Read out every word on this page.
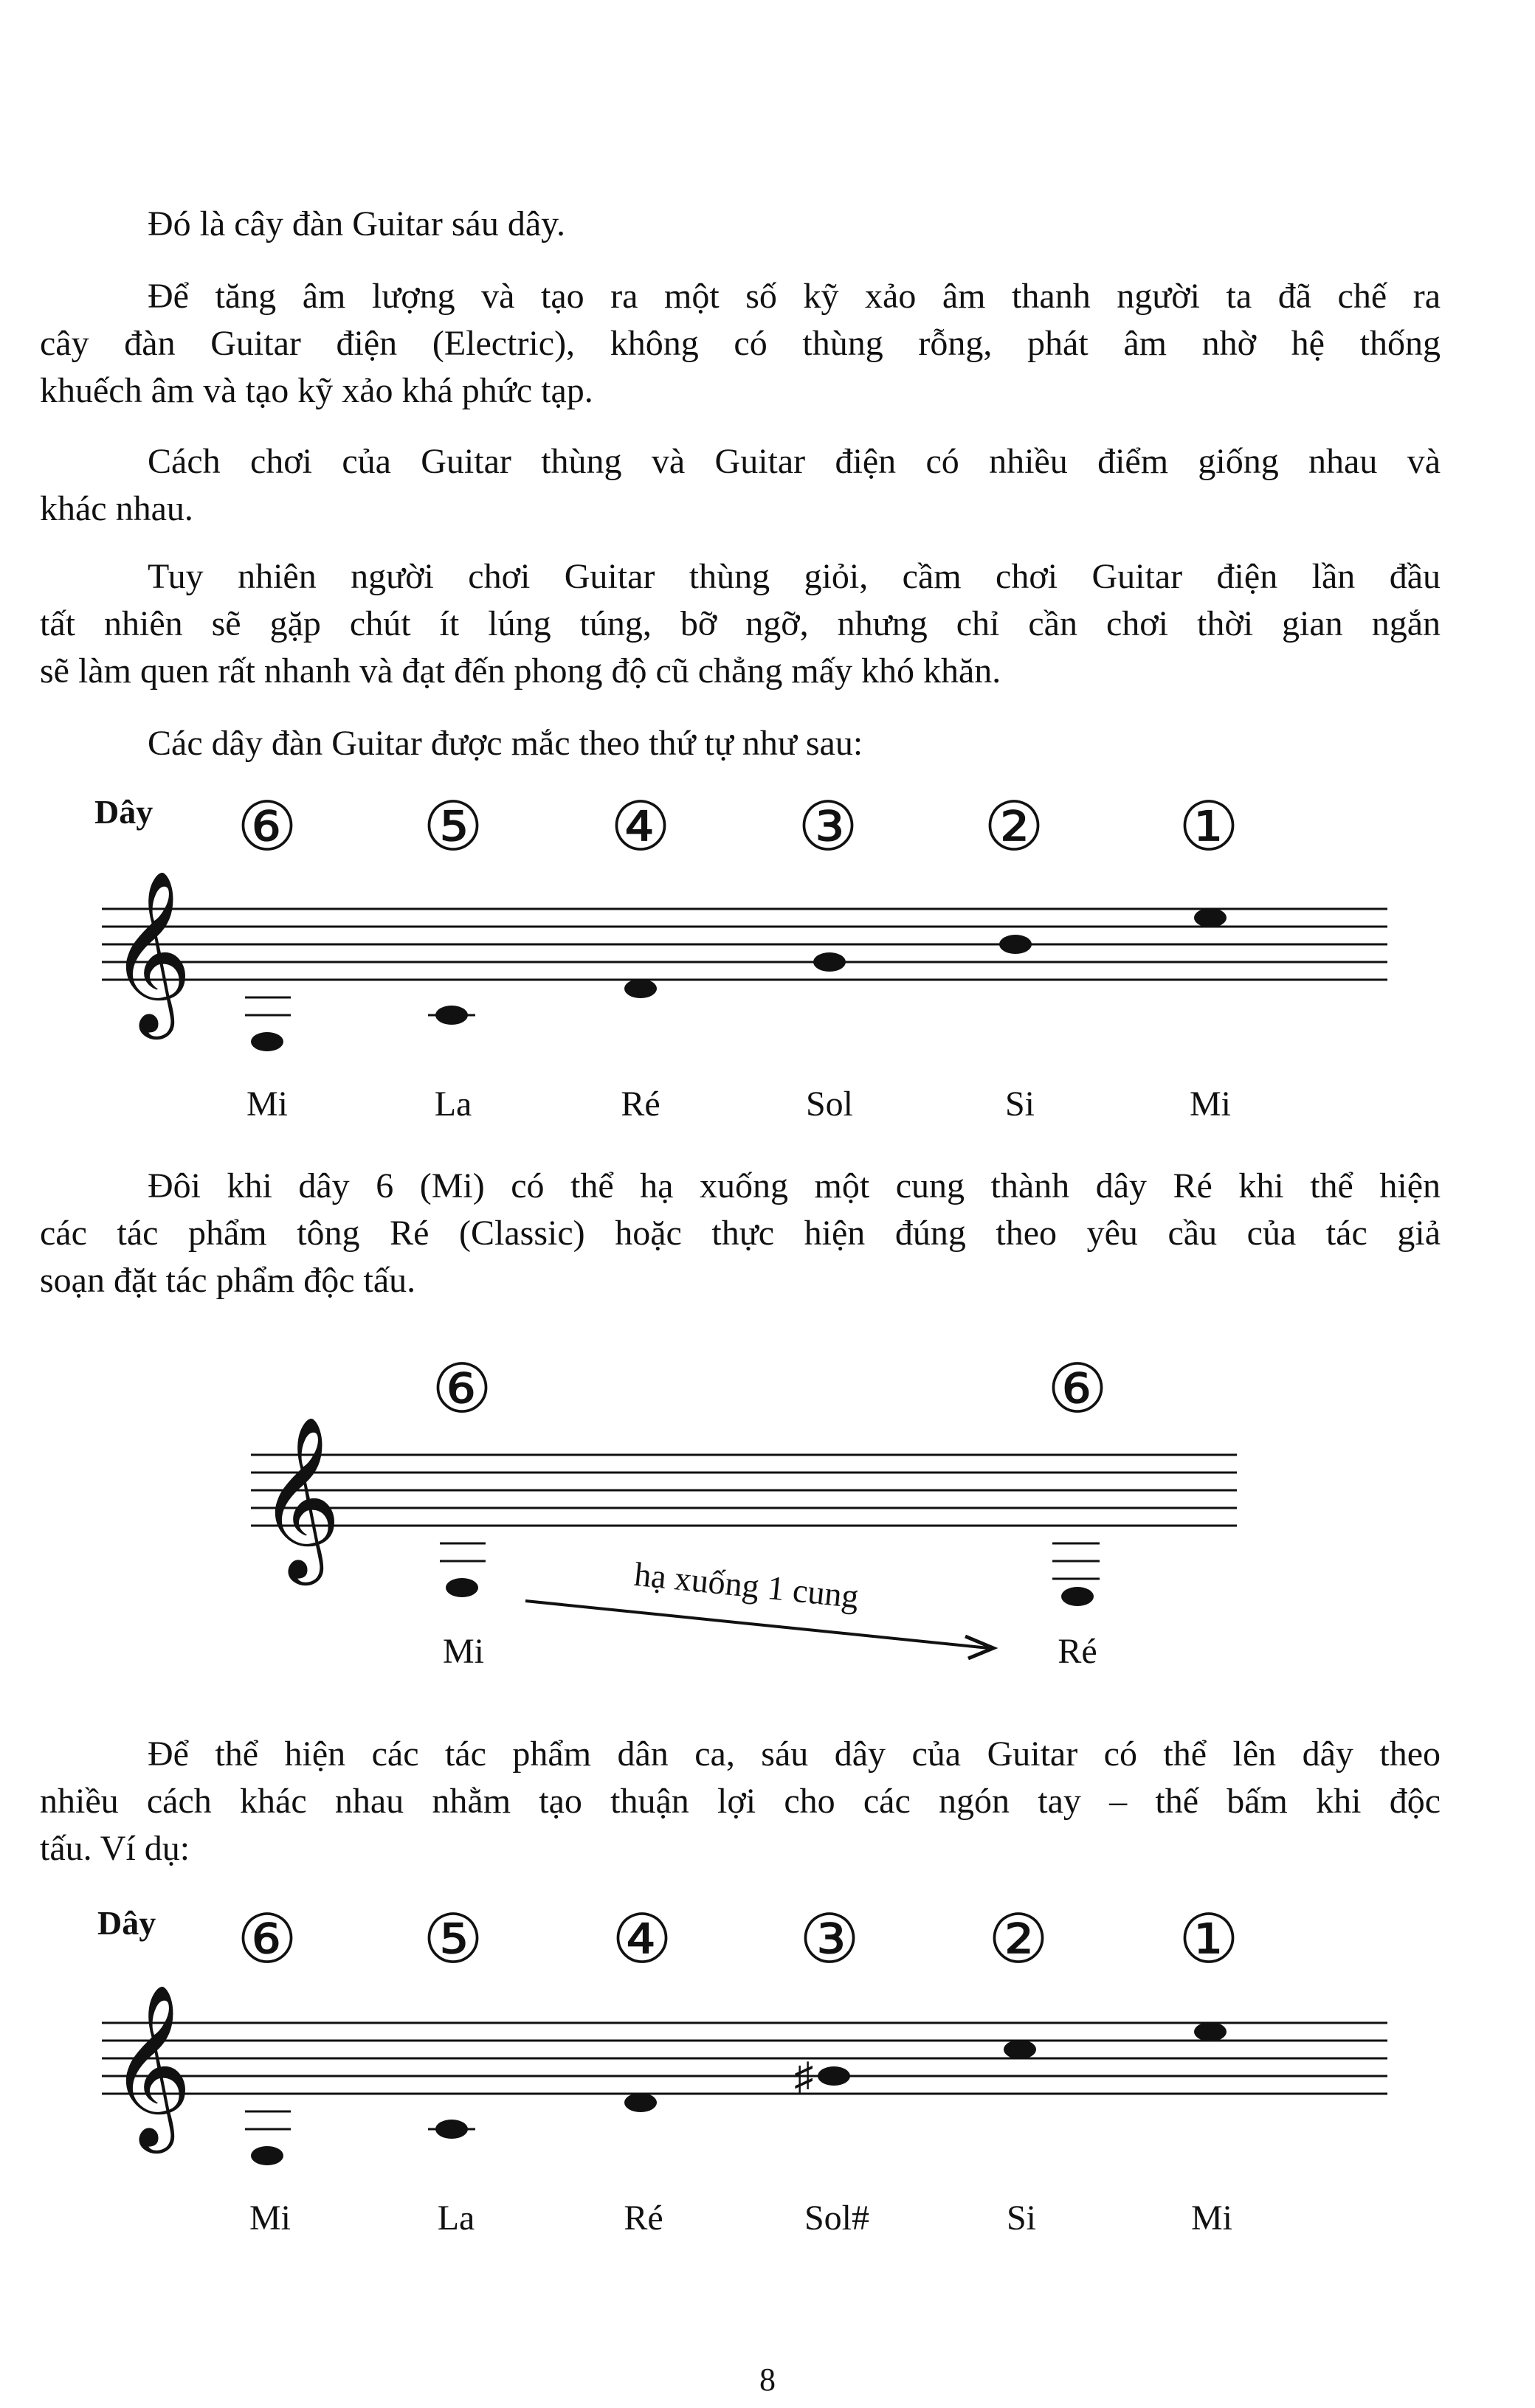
Đó là cây đàn Guitar sáu dây.
Để tăng âm lượng và tạo ra một số kỹ xảo âm thanh người ta đã chế ra
cây đàn Guitar điện (Electric), không có thùng rỗng, phát âm nhờ hệ thống
khuếch âm và tạo kỹ xảo khá phức tạp.
Cách chơi của Guitar thùng và Guitar điện có nhiều điểm giống nhau và
khác nhau.
Tuy nhiên người chơi Guitar thùng giỏi, cầm chơi Guitar điện lần đầu
tất nhiên sẽ gặp chút ít lúng túng, bỡ ngỡ, nhưng chỉ cần chơi thời gian ngắn
sẽ làm quen rất nhanh và đạt đến phong độ cũ chẳng mấy khó khăn.
Các dây đàn Guitar được mắc theo thứ tự như sau:
Dây ⑥ ⑤ ④ ③ ② ①
𝄞
Mi	La	Ré	Sol	Si	Mi
Đôi khi dây 6 (Mi) có thể hạ xuống một cung thành dây Ré khi thể hiện
các tác phẩm tông Ré (Classic) hoặc thực hiện đúng theo yêu cầu của tác giả
soạn đặt tác phẩm độc tấu.
⑥	⑥
𝄞
hạ xuống 1 cung
Mi	Ré
Để thể hiện các tác phẩm dân ca, sáu dây của Guitar có thể lên dây theo
nhiều cách khác nhau nhằm tạo thuận lợi cho các ngón tay – thế bấm khi độc
tấu. Ví dụ:
Dây ⑥ ⑤ ④ ③ ② ①
𝄞	♯
Mi	La	Ré	Sol#	Si	Mi
8
